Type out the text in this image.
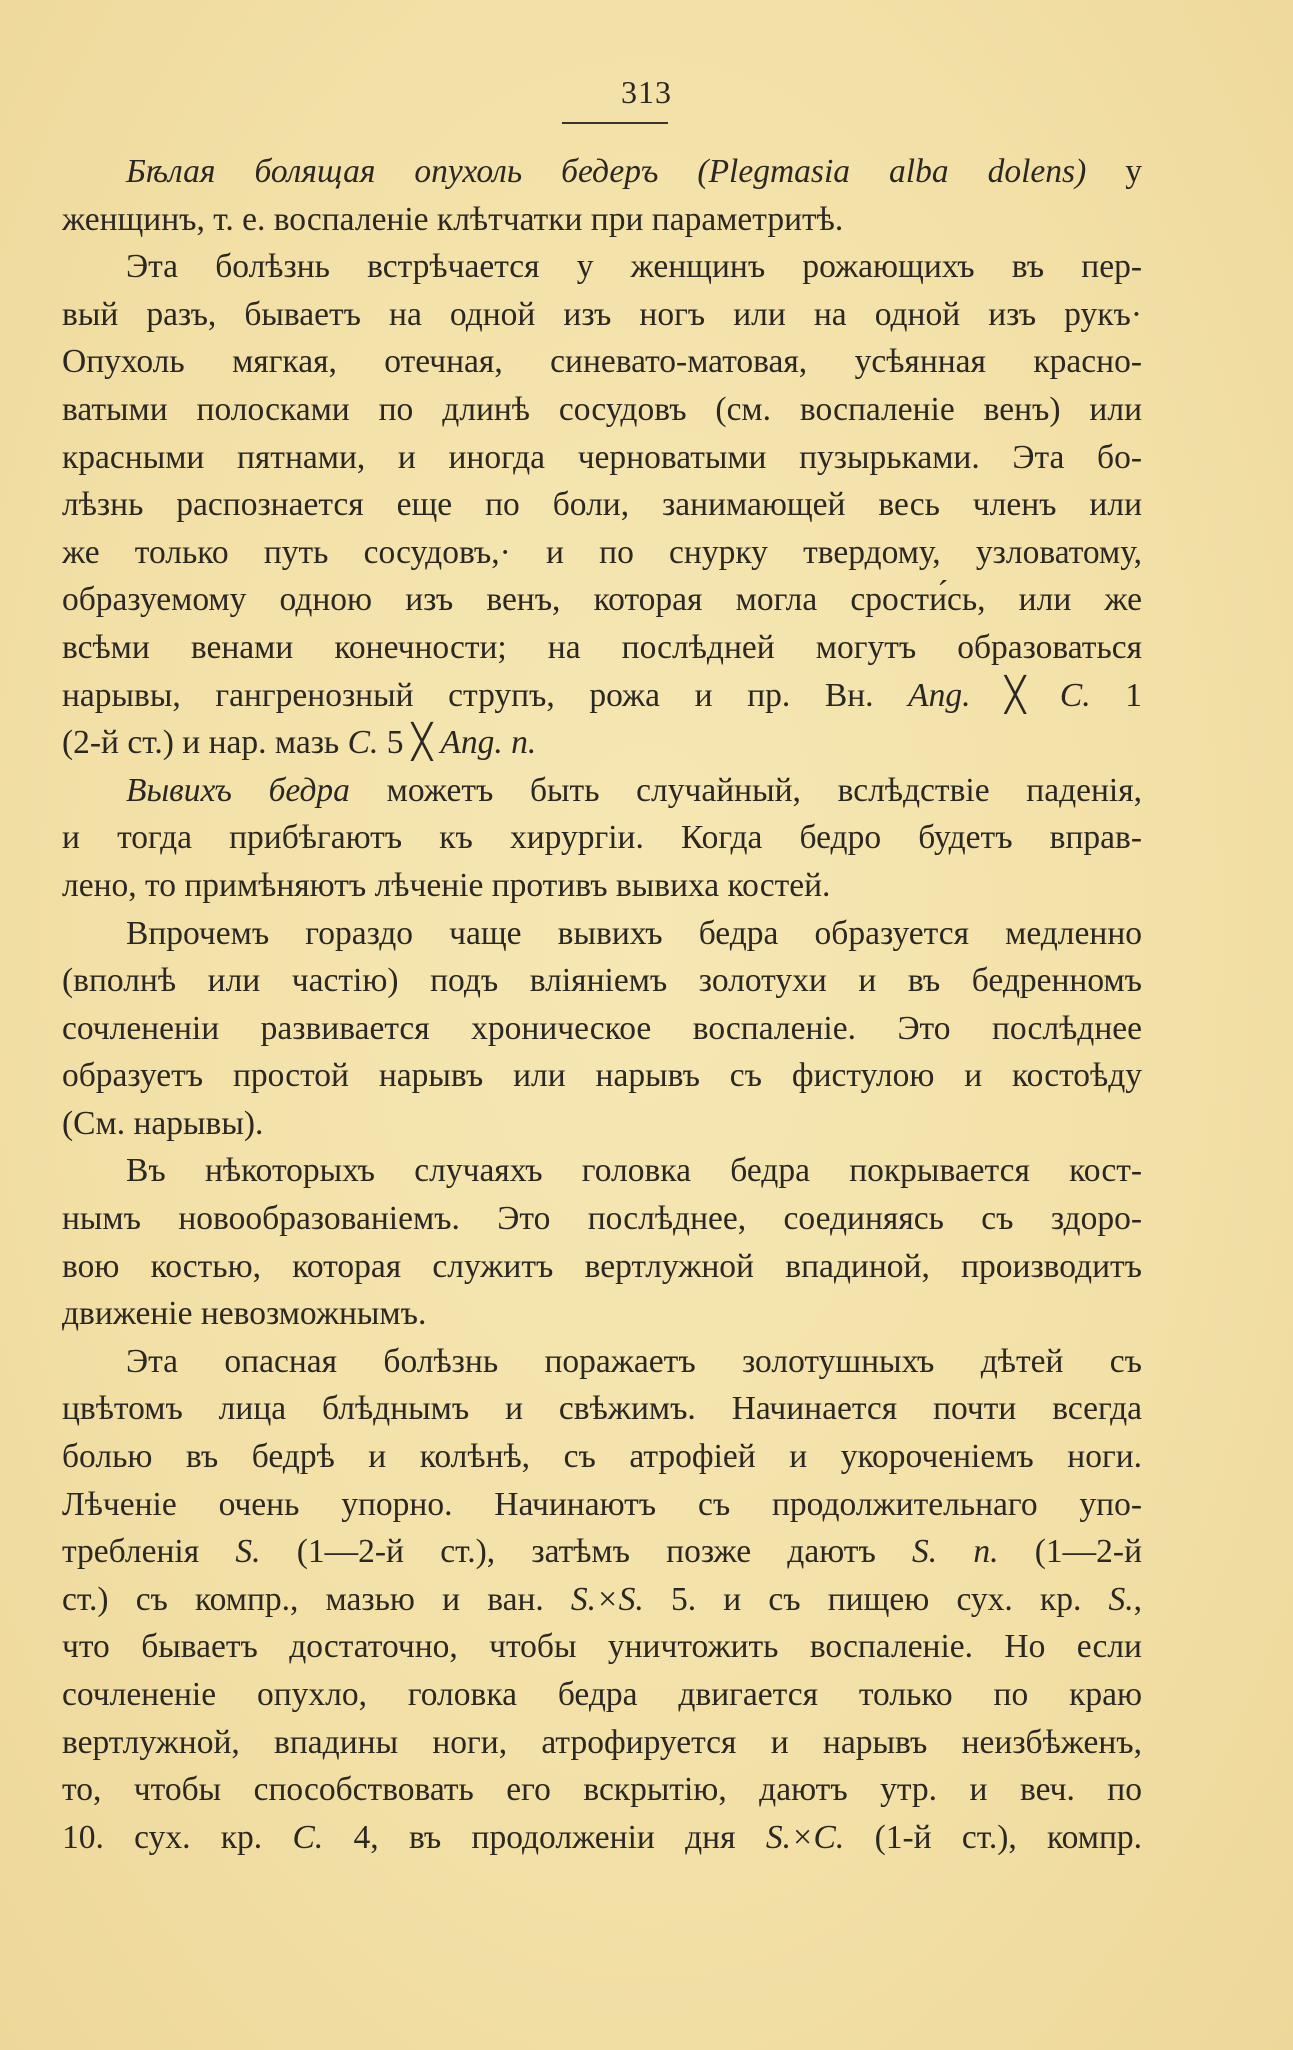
313
Бѣлая болящая опухоль бедеръ (Plegmasia alba dolens) у
женщинъ, т. е. воспаленіе клѣтчатки при параметритѣ.
Эта болѣзнь встрѣчается у женщинъ рожающихъ въ пер-
вый разъ, бываетъ на одной изъ ногъ или на одной изъ рукъ·
Опухоль мягкая, отечная, синевато-матовая, усѣянная красно-
ватыми полосками по длинѣ сосудовъ (см. воспаленіе венъ) или
красными пятнами, и иногда черноватыми пузырьками. Эта бо-
лѣзнь распознается еще по боли, занимающей весь членъ или
же только путь сосудовъ,· и по снурку твердому, узловатому,
образуемому одною изъ венъ, которая могла срости́сь, или же
всѣми венами конечности; на послѣдней могутъ образоваться
нарывы, гангренозный струпъ, рожа и пр. Вн. Ang. ╳ C. 1
(2-й ст.) и нар. мазь C. 5 ╳ Ang. n.
Вывихъ бедра можетъ быть случайный, вслѣдствіе паденія,
и тогда прибѣгаютъ къ хирургіи. Когда бедро будетъ вправ-
лено, то примѣняютъ лѣченіе противъ вывиха костей.
Впрочемъ гораздо чаще вывихъ бедра образуется медленно
(вполнѣ или частію) подъ вліяніемъ золотухи и въ бедренномъ
сочлененіи развивается хроническое воспаленіе. Это послѣднее
образуетъ простой нарывъ или нарывъ съ фистулою и костоѣду
(См. нарывы).
Въ нѣкоторыхъ случаяхъ головка бедра покрывается кост-
нымъ новообразованіемъ. Это послѣднее, соединяясь съ здоро-
вою костью, которая служитъ вертлужной впадиной, производитъ
движеніе невозможнымъ.
Эта опасная болѣзнь поражаетъ золотушныхъ дѣтей съ
цвѣтомъ лица блѣднымъ и свѣжимъ. Начинается почти всегда
болью въ бедрѣ и колѣнѣ, съ атрофіей и укороченіемъ ноги.
Лѣченіе очень упорно. Начинаютъ съ продолжительнаго упо-
требленія S. (1—2-й ст.), затѣмъ позже даютъ S. n. (1—2-й
ст.) съ компр., мазью и ван. S.×S. 5. и съ пищею сух. кр. S.,
что бываетъ достаточно, чтобы уничтожить воспаленіе. Но если
сочлененіе опухло, головка бедра двигается только по краю
вертлужной, впадины ноги, атрофируется и нарывъ неизбѣженъ,
то, чтобы способствовать его вскрытію, даютъ утр. и веч. по
10. сух. кр. C. 4, въ продолженіи дня S.×C. (1-й ст.), компр.
